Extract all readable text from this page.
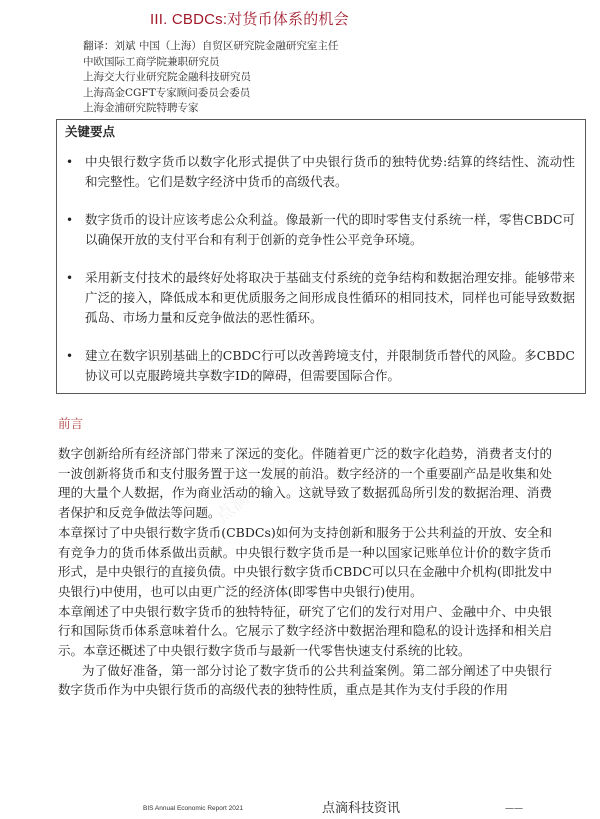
III. CBDCs:对货币体系的机会
翻译：刘斌 中国（上海）自贸区研究院金融研究室主任
中欧国际工商学院兼职研究员
上海交大行业研究院金融科技研究员
上海高金CGFT专家顾问委员会委员
上海金浦研究院特聘专家
关键要点
• 中央银行数字货币以数字化形式提供了中央银行货币的独特优势:结算的终结性、流动性和完整性。它们是数字经济中货币的高级代表。
• 数字货币的设计应该考虑公众利益。像最新一代的即时零售支付系统一样，零售CBDC可以确保开放的支付平台和有利于创新的竞争性公平竞争环境。
• 采用新支付技术的最终好处将取决于基础支付系统的竞争结构和数据治理安排。能够带来广泛的接入，降低成本和更优质服务之间形成良性循环的相同技术，同样也可能导致数据孤岛、市场力量和反竞争做法的恶性循环。
• 建立在数字识别基础上的CBDC行可以改善跨境支付，并限制货币替代的风险。多CBDC协议可以克服跨境共享数字ID的障碍，但需要国际合作。
前言
点滴科技资讯

数字创新给所有经济部门带来了深远的变化。伴随着更广泛的数字化趋势，消费者支付的一波创新将货币和支付服务置于这一发展的前沿。数字经济的一个重要副产品是收集和处理的大量个人数据，作为商业活动的输入。这就导致了数据孤岛所引发的数据治理、消费者保护和反竞争做法等问题。

本章探讨了中央银行数字货币(CBDCs)如何为支持创新和服务于公共利益的开放、安全和有竞争力的货币体系做出贡献。中央银行数字货币是一种以国家记账单位计价的数字货币形式，是中央银行的直接负债。中央银行数字货币CBDC可以只在金融中介机构(即批发中央银行)中使用，也可以由更广泛的经济体(即零售中央银行)使用。

本章阐述了中央银行数字货币的独特特征，研究了它们的发行对用户、金融中介、中央银行和国际货币体系意味着什么。它展示了数字经济中数据治理和隐私的设计选择和相关启示。本章还概述了中央银行数字货币与最新一代零售快速支付系统的比较。

为了做好准备，第一部分讨论了数字货币的公共利益案例。第二部分阐述了中央银行数字货币作为中央银行货币的高级代表的独特性质，重点是其作为支付手段的作用

BIS Annual Economic Report 2021	点滴科技资讯	——
